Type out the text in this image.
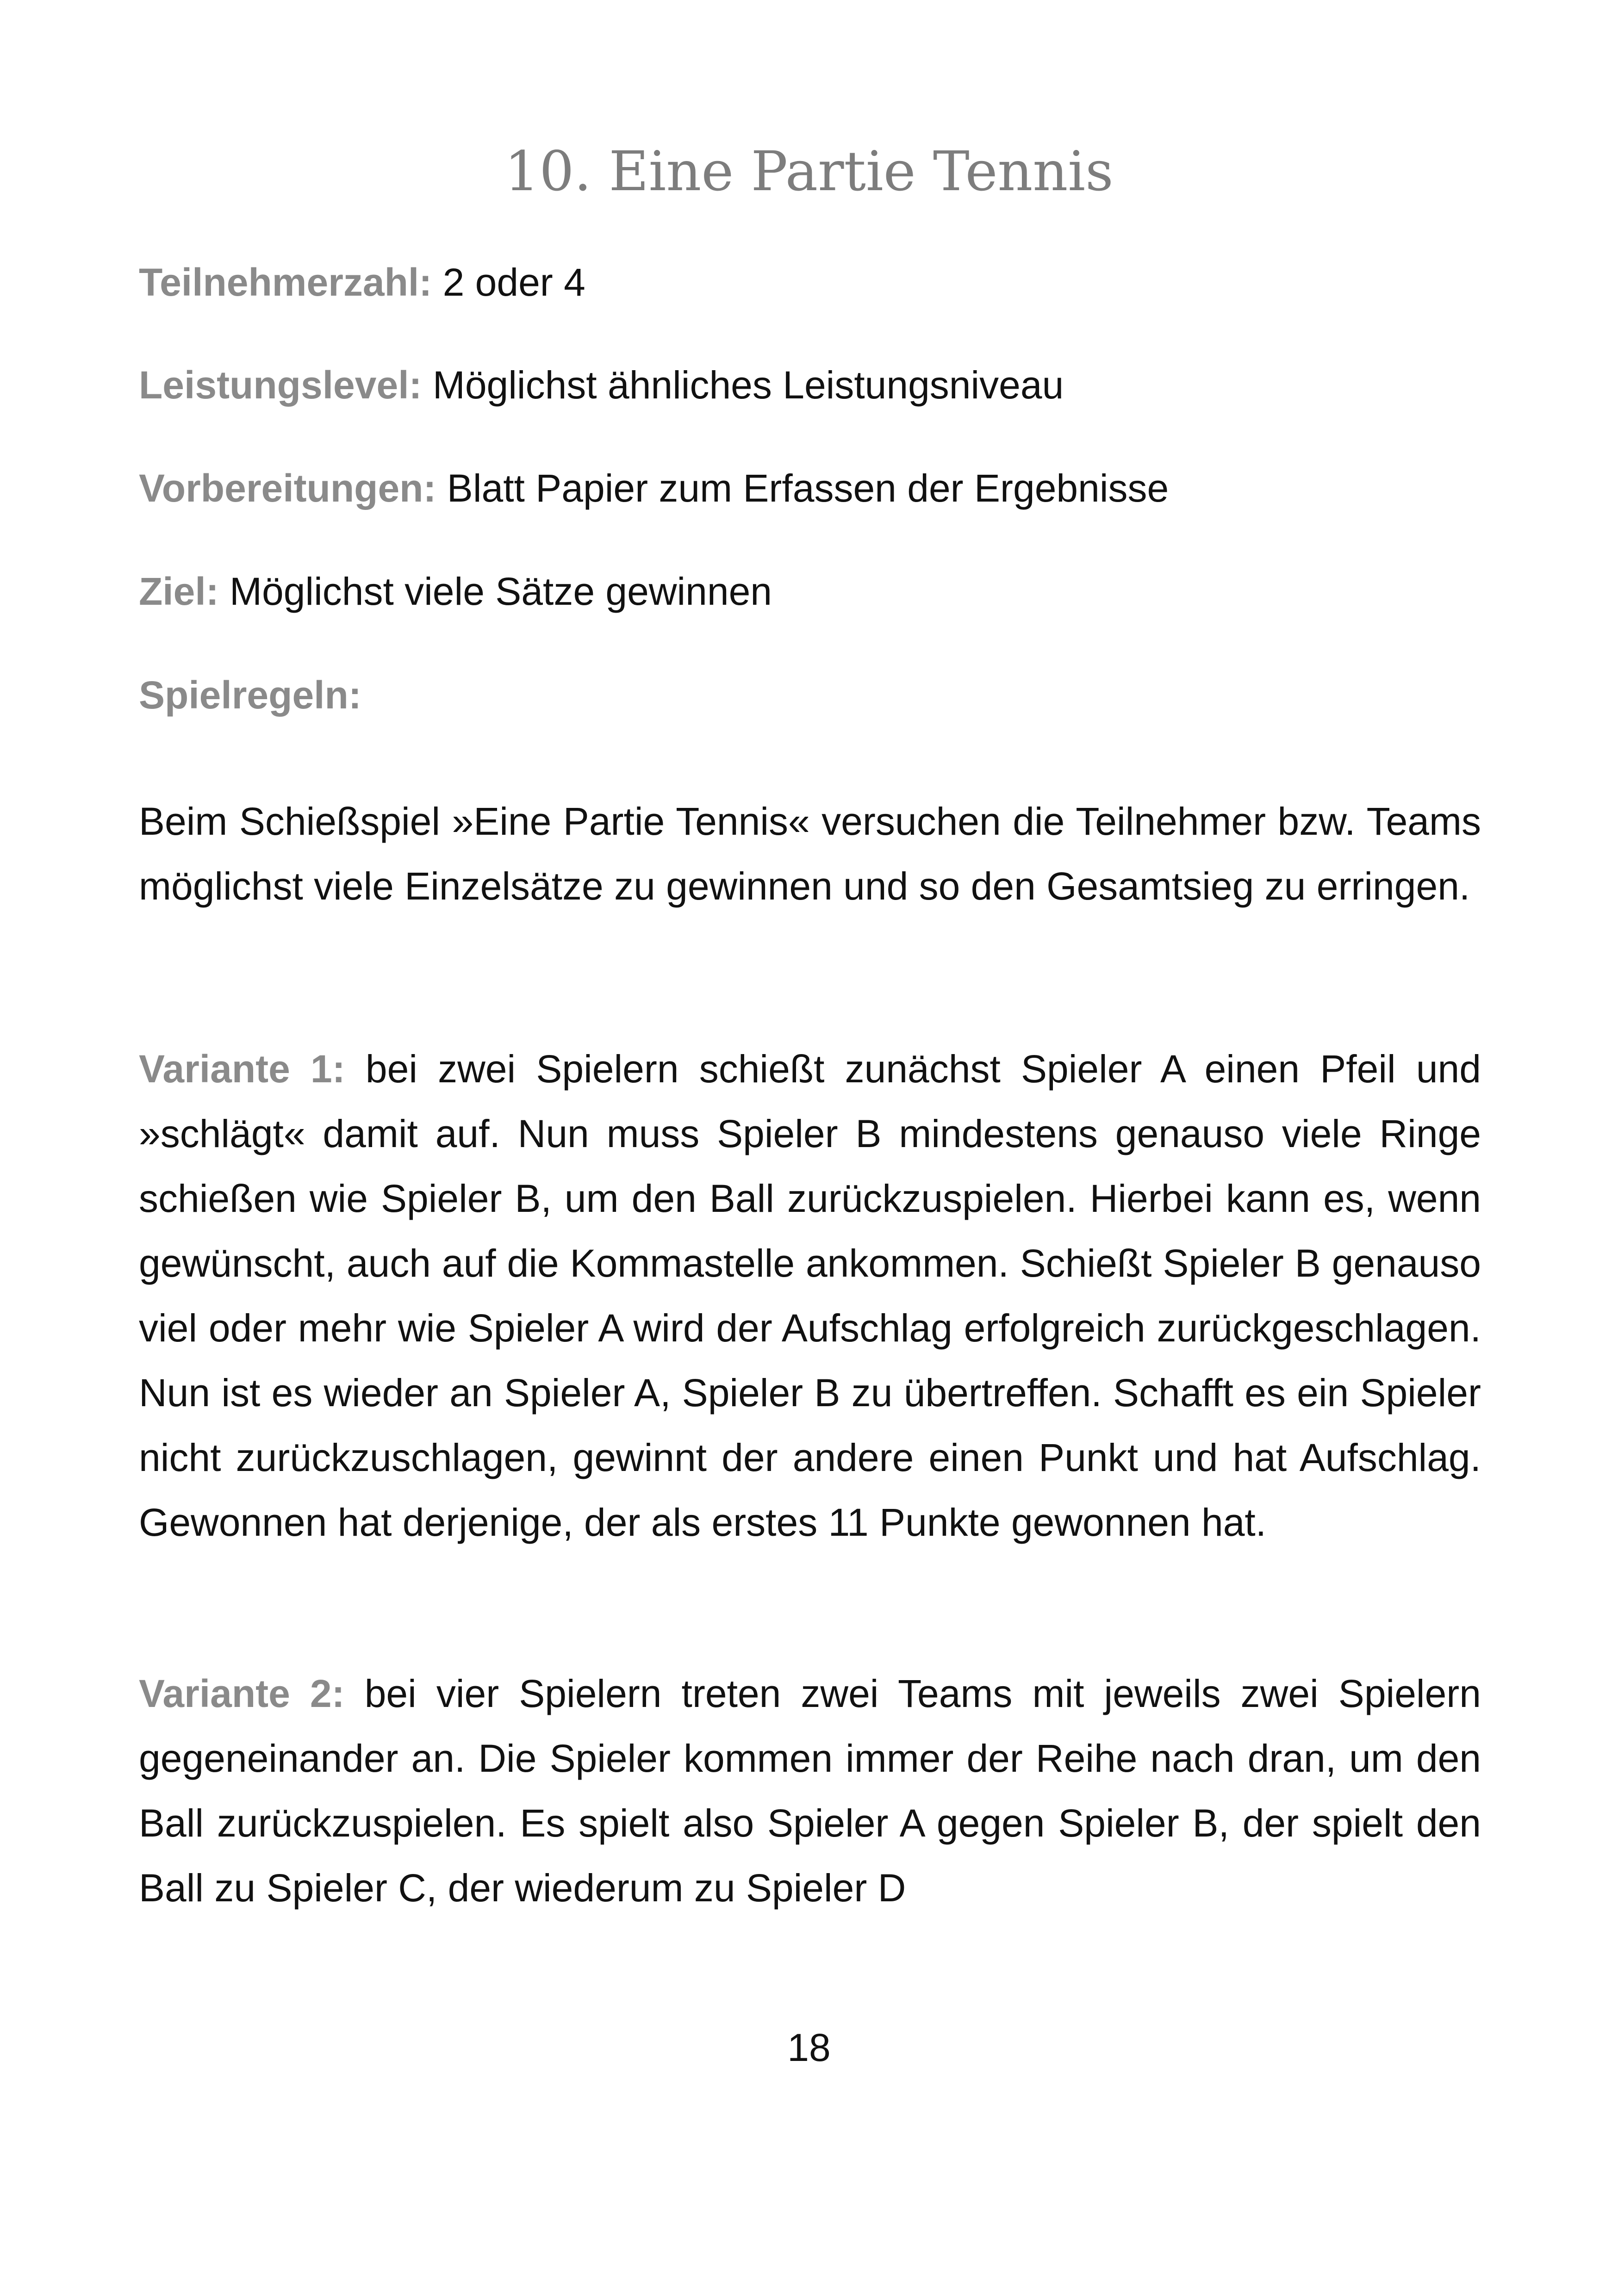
10. Eine Partie Tennis
Teilnehmerzahl: 2 oder 4
Leistungslevel: Möglichst ähnliches Leistungsniveau
Vorbereitungen: Blatt Papier zum Erfassen der Ergebnisse
Ziel: Möglichst viele Sätze gewinnen
Spielregeln:
Beim Schießspiel »Eine Partie Tennis« versuchen die Teilnehmer bzw. Teams möglichst viele Einzelsätze zu gewinnen und so den Gesamtsieg zu erringen.
Variante 1: bei zwei Spielern schießt zunächst Spieler A einen Pfeil und »schlägt« damit auf. Nun muss Spieler B mindestens genauso viele Ringe schießen wie Spieler B, um den Ball zurückzuspielen. Hierbei kann es, wenn gewünscht, auch auf die Kommastelle ankommen. Schießt Spieler B genauso viel oder mehr wie Spieler A wird der Aufschlag erfolgreich zurückgeschlagen. Nun ist es wieder an Spieler A, Spieler B zu übertreffen. Schafft es ein Spieler nicht zurückzuschlagen, gewinnt der andere einen Punkt und hat Aufschlag. Gewonnen hat derjenige, der als erstes 11 Punkte gewonnen hat.
Variante 2: bei vier Spielern treten zwei Teams mit jeweils zwei Spielern gegeneinander an. Die Spieler kommen immer der Reihe nach dran, um den Ball zurückzuspielen. Es spielt also Spieler A gegen Spieler B, der spielt den Ball zu Spieler C, der wiederum zu Spieler D
18
